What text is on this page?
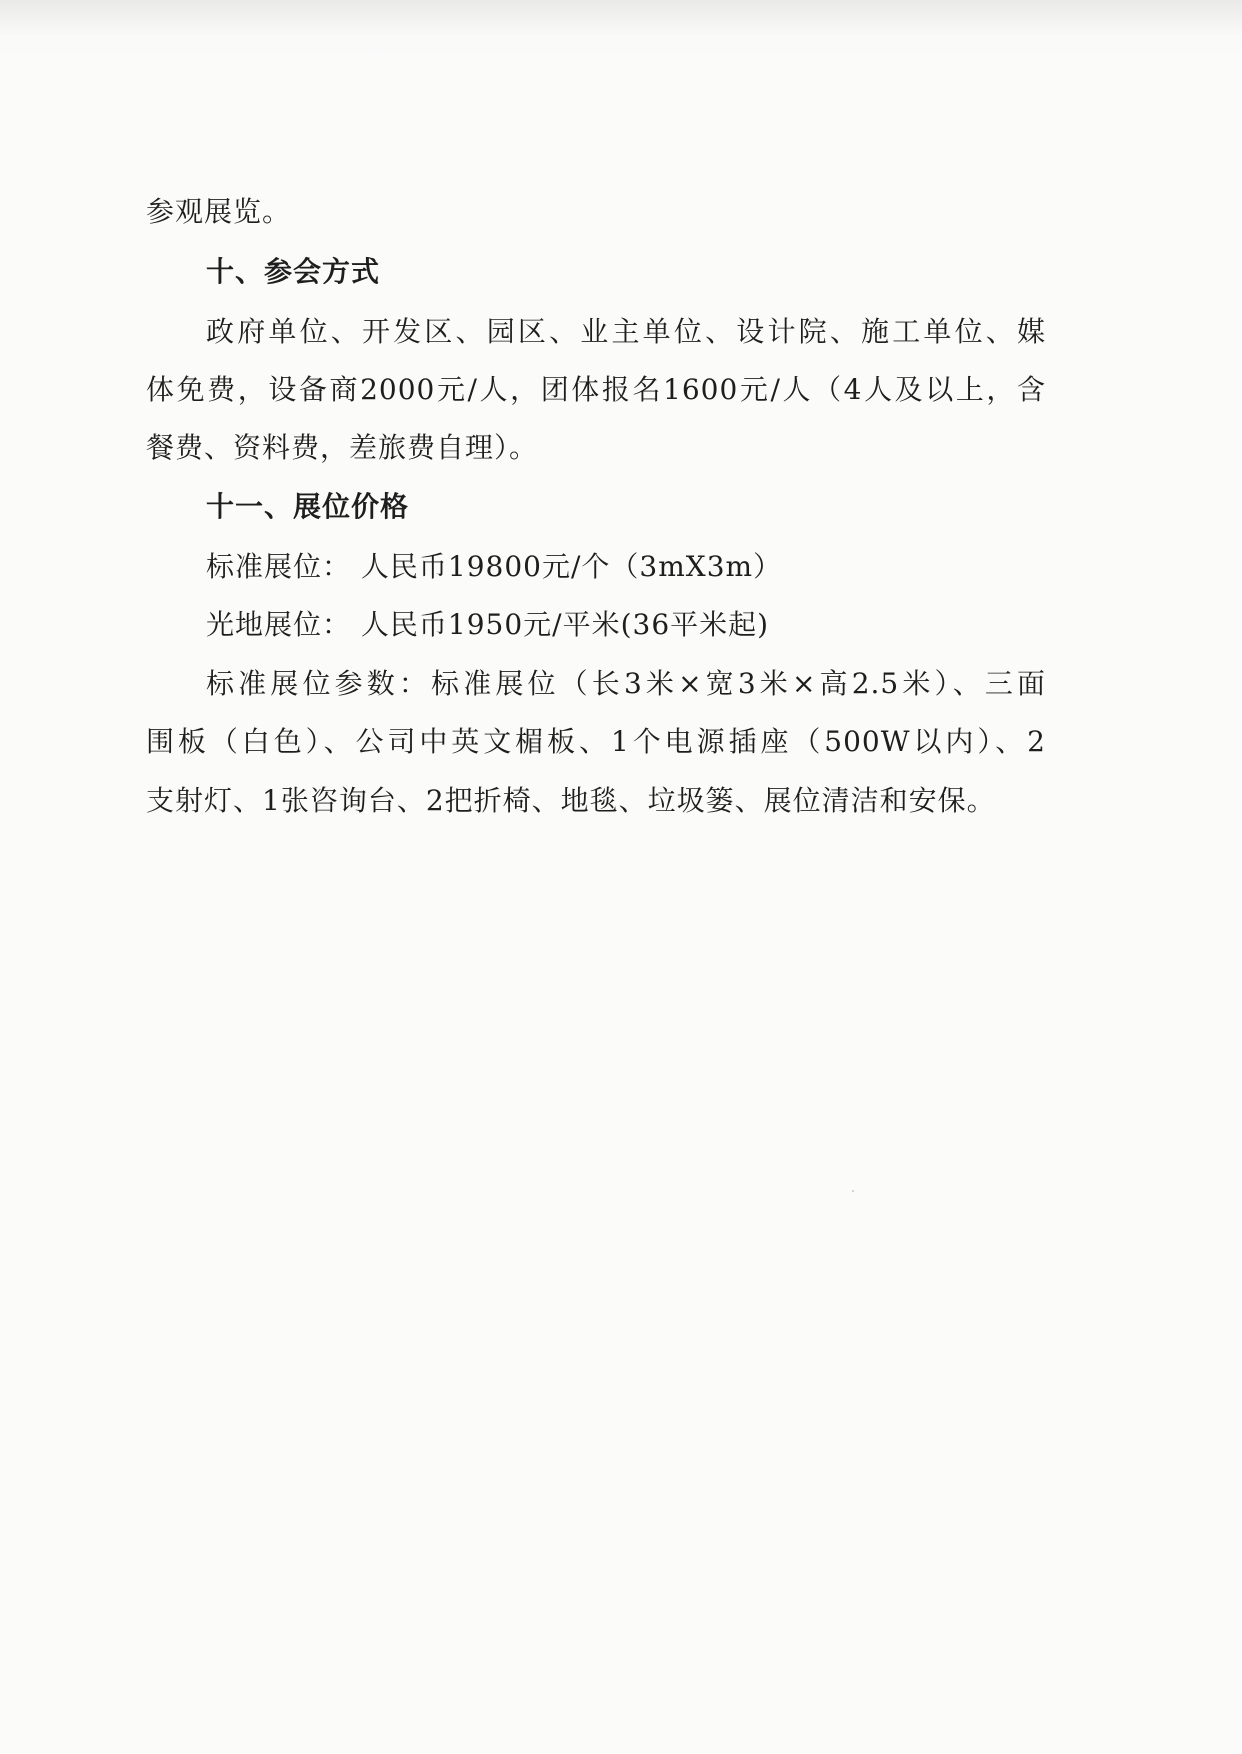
参观展览。
十、参会方式
政府单位、开发区、园区、业主单位、设计院、施工单位、媒
体免费，设备商2000元/人，团体报名1600元/人（4人及以上，含
餐费、资料费，差旅费自理）。
十一、展位价格
标准展位： 人民币19800元/个（3mX3m）
光地展位： 人民币1950元/平米(36平米起)
标准展位参数：标准展位（长3米×宽3米×高2.5米）、三面
围板（白色）、公司中英文楣板、1个电源插座（500W以内）、2
支射灯、1张咨询台、2把折椅、地毯、垃圾篓、展位清洁和安保。
